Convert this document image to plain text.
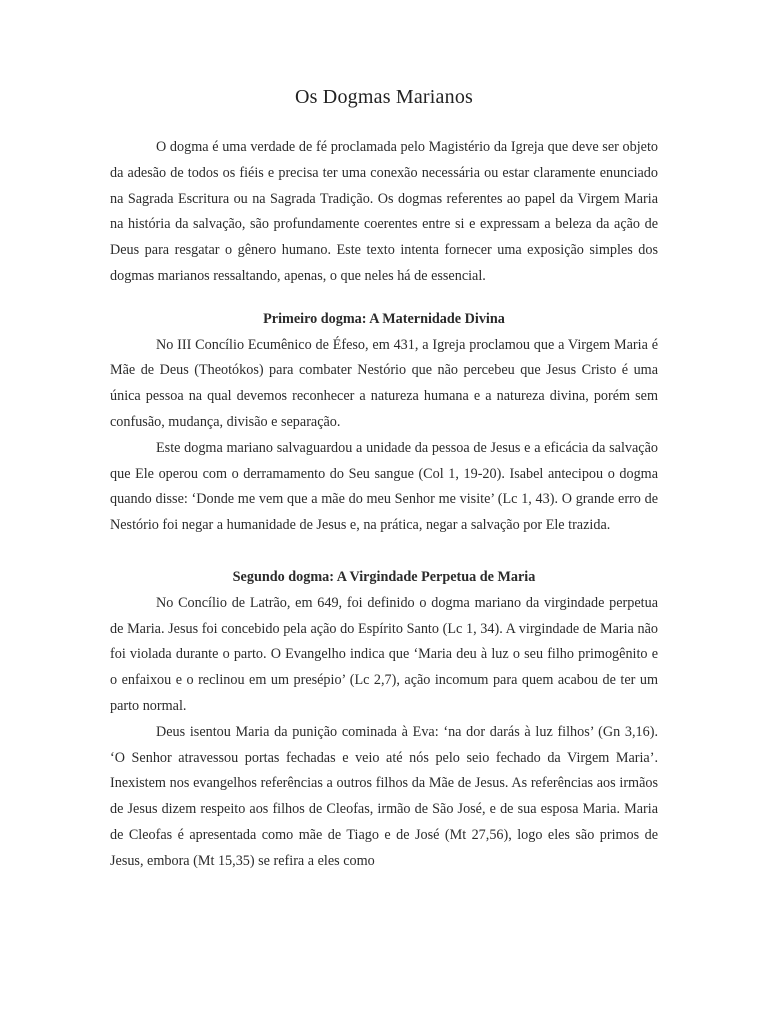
Os Dogmas Marianos

O dogma é uma verdade de fé proclamada pelo Magistério da Igreja que deve ser objeto da adesão de todos os fiéis e precisa ter uma conexão necessária ou estar claramente enunciado na Sagrada Escritura ou na Sagrada Tradição. Os dogmas referentes ao papel da Virgem Maria na história da salvação, são profundamente coerentes entre si e expressam a beleza da ação de Deus para resgatar o gênero humano. Este texto intenta fornecer uma exposição simples dos dogmas marianos ressaltando, apenas, o que neles há de essencial.

Primeiro dogma: A Maternidade Divina

No III Concílio Ecumênico de Éfeso, em 431, a Igreja proclamou que a Virgem Maria é Mãe de Deus (Theotókos) para combater Nestório que não percebeu que Jesus Cristo é uma única pessoa na qual devemos reconhecer a natureza humana e a natureza divina, porém sem confusão, mudança, divisão e separação.

Este dogma mariano salvaguardou a unidade da pessoa de Jesus e a eficácia da salvação que Ele operou com o derramamento do Seu sangue (Col 1, 19-20). Isabel antecipou o dogma quando disse: ‘Donde me vem que a mãe do meu Senhor me visite’ (Lc 1, 43). O grande erro de Nestório foi negar a humanidade de Jesus e, na prática, negar a salvação por Ele trazida.

Segundo dogma: A Virgindade Perpetua de Maria

No Concílio de Latrão, em 649, foi definido o dogma mariano da virgindade perpetua de Maria. Jesus foi concebido pela ação do Espírito Santo (Lc 1, 34). A virgindade de Maria não foi violada durante o parto. O Evangelho indica que ‘Maria deu à luz o seu filho primogênito e o enfaixou e o reclinou em um presépio’ (Lc 2,7), ação incomum para quem acabou de ter um parto normal.

Deus isentou Maria da punição cominada à Eva: ‘na dor darás à luz filhos’ (Gn 3,16). ‘O Senhor atravessou portas fechadas e veio até nós pelo seio fechado da Virgem Maria’. Inexistem nos evangelhos referências a outros filhos da Mãe de Jesus. As referências aos irmãos de Jesus dizem respeito aos filhos de Cleofas, irmão de São José, e de sua esposa Maria. Maria de Cleofas é apresentada como mãe de Tiago e de José (Mt 27,56), logo eles são primos de Jesus, embora (Mt 15,35) se refira a eles como
